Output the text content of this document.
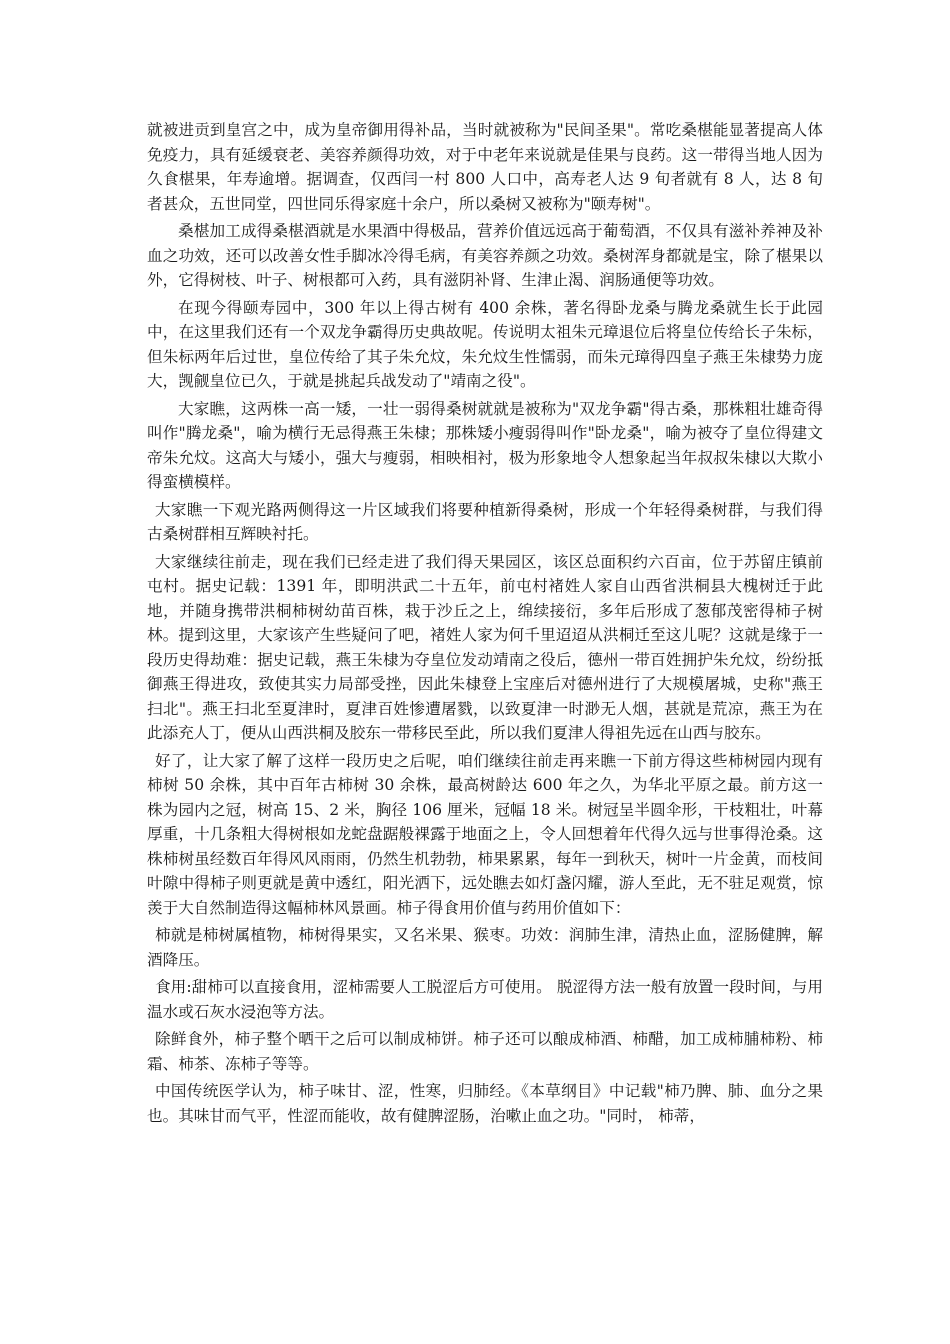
就被进贡到皇宫之中，成为皇帝御用得补品，当时就被称为"民间圣果"。常吃桑椹能显著提高人体免疫力，具有延缓衰老、美容养颜得功效，对于中老年来说就是佳果与良药。这一带得当地人因为久食椹果，年寿逾增。据调查，仅西闫一村 800 人口中，高寿老人达 9 旬者就有 8 人，达 8 旬者甚众，五世同堂，四世同乐得家庭十余户，所以桑树又被称为"颐寿树"。

桑椹加工成得桑椹酒就是水果酒中得极品，营养价值远远高于葡萄酒，不仅具有滋补养神及补血之功效，还可以改善女性手脚冰冷得毛病，有美容养颜之功效。桑树浑身都就是宝，除了椹果以外，它得树枝、叶子、树根都可入药，具有滋阴补肾、生津止渴、润肠通便等功效。

在现今得颐寿园中，300 年以上得古树有 400 余株，著名得卧龙桑与腾龙桑就生长于此园中，在这里我们还有一个双龙争霸得历史典故呢。传说明太祖朱元璋退位后将皇位传给长子朱标，但朱标两年后过世，皇位传给了其子朱允炆，朱允炆生性懦弱，而朱元璋得四皇子燕王朱棣势力庞大，觊觎皇位已久，于就是挑起兵战发动了"靖南之役"。

大家瞧，这两株一高一矮，一壮一弱得桑树就就是被称为"双龙争霸"得古桑，那株粗壮雄奇得叫作"腾龙桑"，喻为横行无忌得燕王朱棣；那株矮小瘦弱得叫作"卧龙桑"，喻为被夺了皇位得建文帝朱允炆。这高大与矮小，强大与瘦弱，相映相衬，极为形象地令人想象起当年叔叔朱棣以大欺小得蛮横模样。

大家瞧一下观光路两侧得这一片区域我们将要种植新得桑树，形成一个年轻得桑树群，与我们得古桑树群相互辉映衬托。

大家继续往前走，现在我们已经走进了我们得天果园区，该区总面积约六百亩，位于苏留庄镇前屯村。据史记载：1391 年，即明洪武二十五年，前屯村褚姓人家自山西省洪桐县大槐树迁于此地，并随身携带洪桐柿树幼苗百株，栽于沙丘之上，绵续接衍，多年后形成了葱郁茂密得柿子树林。提到这里，大家该产生些疑问了吧，褚姓人家为何千里迢迢从洪桐迁至这儿呢？这就是缘于一段历史得劫难：据史记载，燕王朱棣为夺皇位发动靖南之役后，德州一带百姓拥护朱允炆，纷纷抵御燕王得进攻，致使其实力局部受挫，因此朱棣登上宝座后对德州进行了大规模屠城，史称"燕王扫北"。燕王扫北至夏津时，夏津百姓惨遭屠戮，以致夏津一时渺无人烟，甚就是荒凉，燕王为在此添充人丁，便从山西洪桐及胶东一带移民至此，所以我们夏津人得祖先远在山西与胶东。

好了，让大家了解了这样一段历史之后呢，咱们继续往前走再来瞧一下前方得这些柿树园内现有柿树 50 余株，其中百年古柿树 30 余株，最高树龄达 600 年之久，为华北平原之最。前方这一株为园内之冠，树高 15、2 米，胸径 106 厘米，冠幅 18 米。树冠呈半圆伞形，干枝粗壮，叶幕厚重，十几条粗大得树根如龙蛇盘踞般裸露于地面之上，令人回想着年代得久远与世事得沧桑。这株柿树虽经数百年得风风雨雨，仍然生机勃勃，柿果累累，每年一到秋天，树叶一片金黄，而枝间叶隙中得柿子则更就是黄中透红，阳光洒下，远处瞧去如灯盏闪耀，游人至此，无不驻足观赏，惊羡于大自然制造得这幅柿林风景画。柿子得食用价值与药用价值如下：

柿就是柿树属植物，柿树得果实，又名米果、猴枣。功效：润肺生津，清热止血，涩肠健脾，解酒降压。

食用:甜柿可以直接食用，涩柿需要人工脱涩后方可使用。 脱涩得方法一般有放置一段时间，与用温水或石灰水浸泡等方法。

除鲜食外，柿子整个晒干之后可以制成柿饼。柿子还可以酿成柿酒、柿醋，加工成柿脯柿粉、柿霜、柿茶、冻柿子等等。

中国传统医学认为，柿子味甘、涩，性寒，归肺经。《本草纲目》中记载"柿乃脾、肺、血分之果也。其味甘而气平，性涩而能收，故有健脾涩肠，治嗽止血之功。"同时， 柿蒂，
